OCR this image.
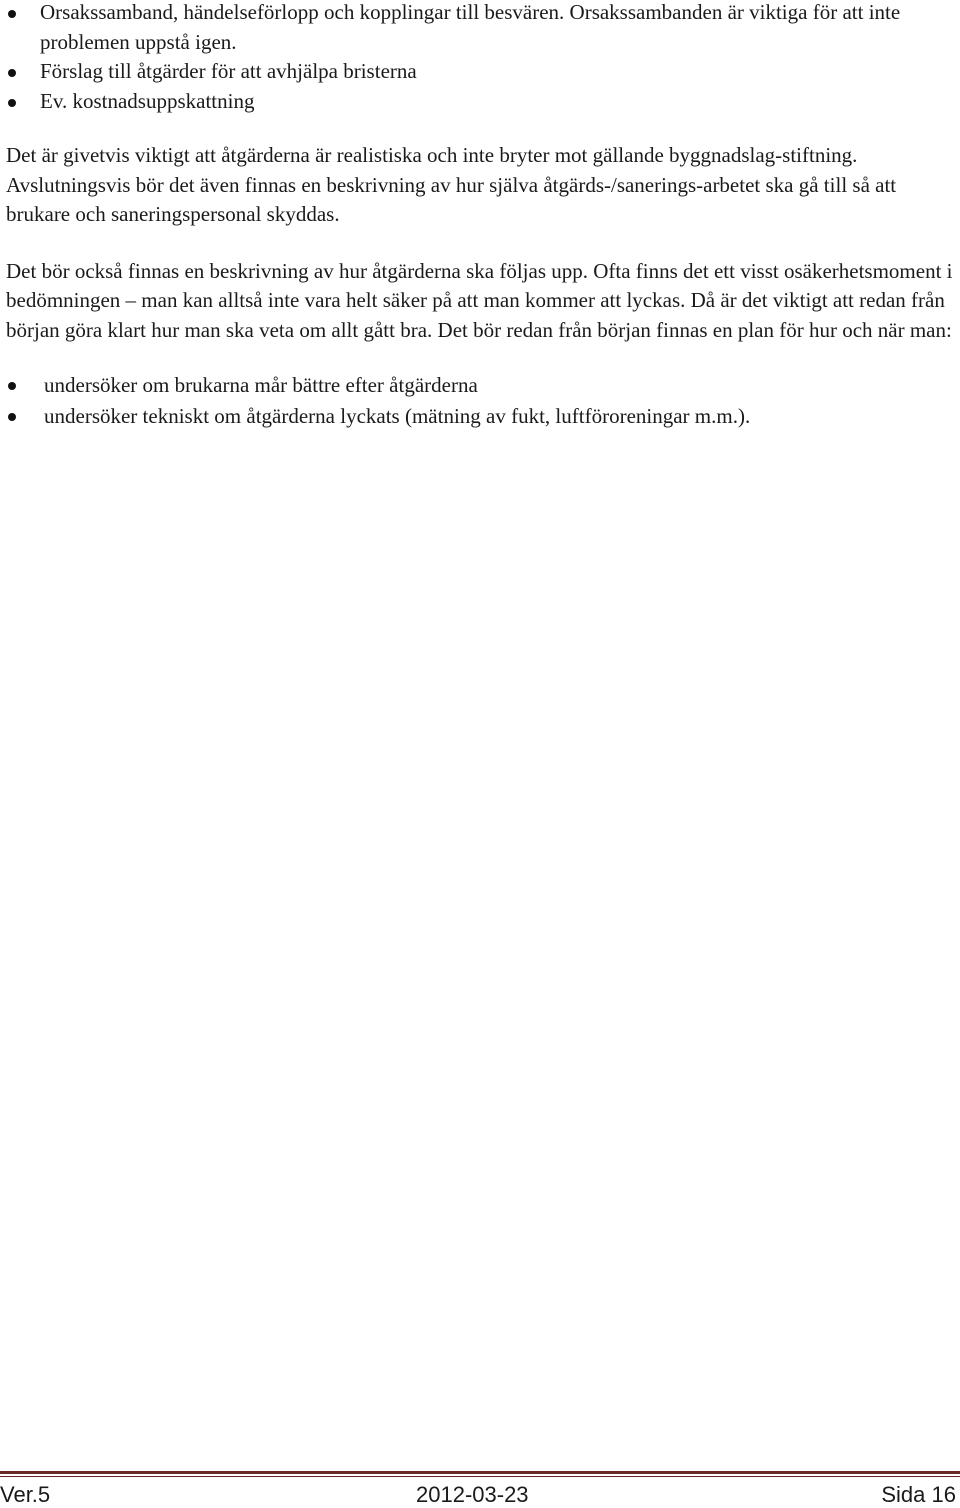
Orsakssamband, händelseförlopp och kopplingar till besvären. Orsakssambanden är viktiga för att inte problemen uppstå igen.
Förslag till åtgärder för att avhjälpa bristerna
Ev. kostnadsuppskattning

Det är givetvis viktigt att åtgärderna är realistiska och inte bryter mot gällande byggnadslag-stiftning. Avslutningsvis bör det även finnas en beskrivning av hur själva åtgärds-/sanerings-arbetet ska gå till så att brukare och saneringspersonal skyddas.

Det bör också finnas en beskrivning av hur åtgärderna ska följas upp. Ofta finns det ett visst osäkerhetsmoment i bedömningen – man kan alltså inte vara helt säker på att man kommer att lyckas. Då är det viktigt att redan från början göra klart hur man ska veta om allt gått bra. Det bör redan från början finnas en plan för hur och när man:

undersöker om brukarna mår bättre efter åtgärderna
undersöker tekniskt om åtgärderna lyckats (mätning av fukt, luftföroreningar m.m.).
Ver.5	2012-03-23	Sida 16
